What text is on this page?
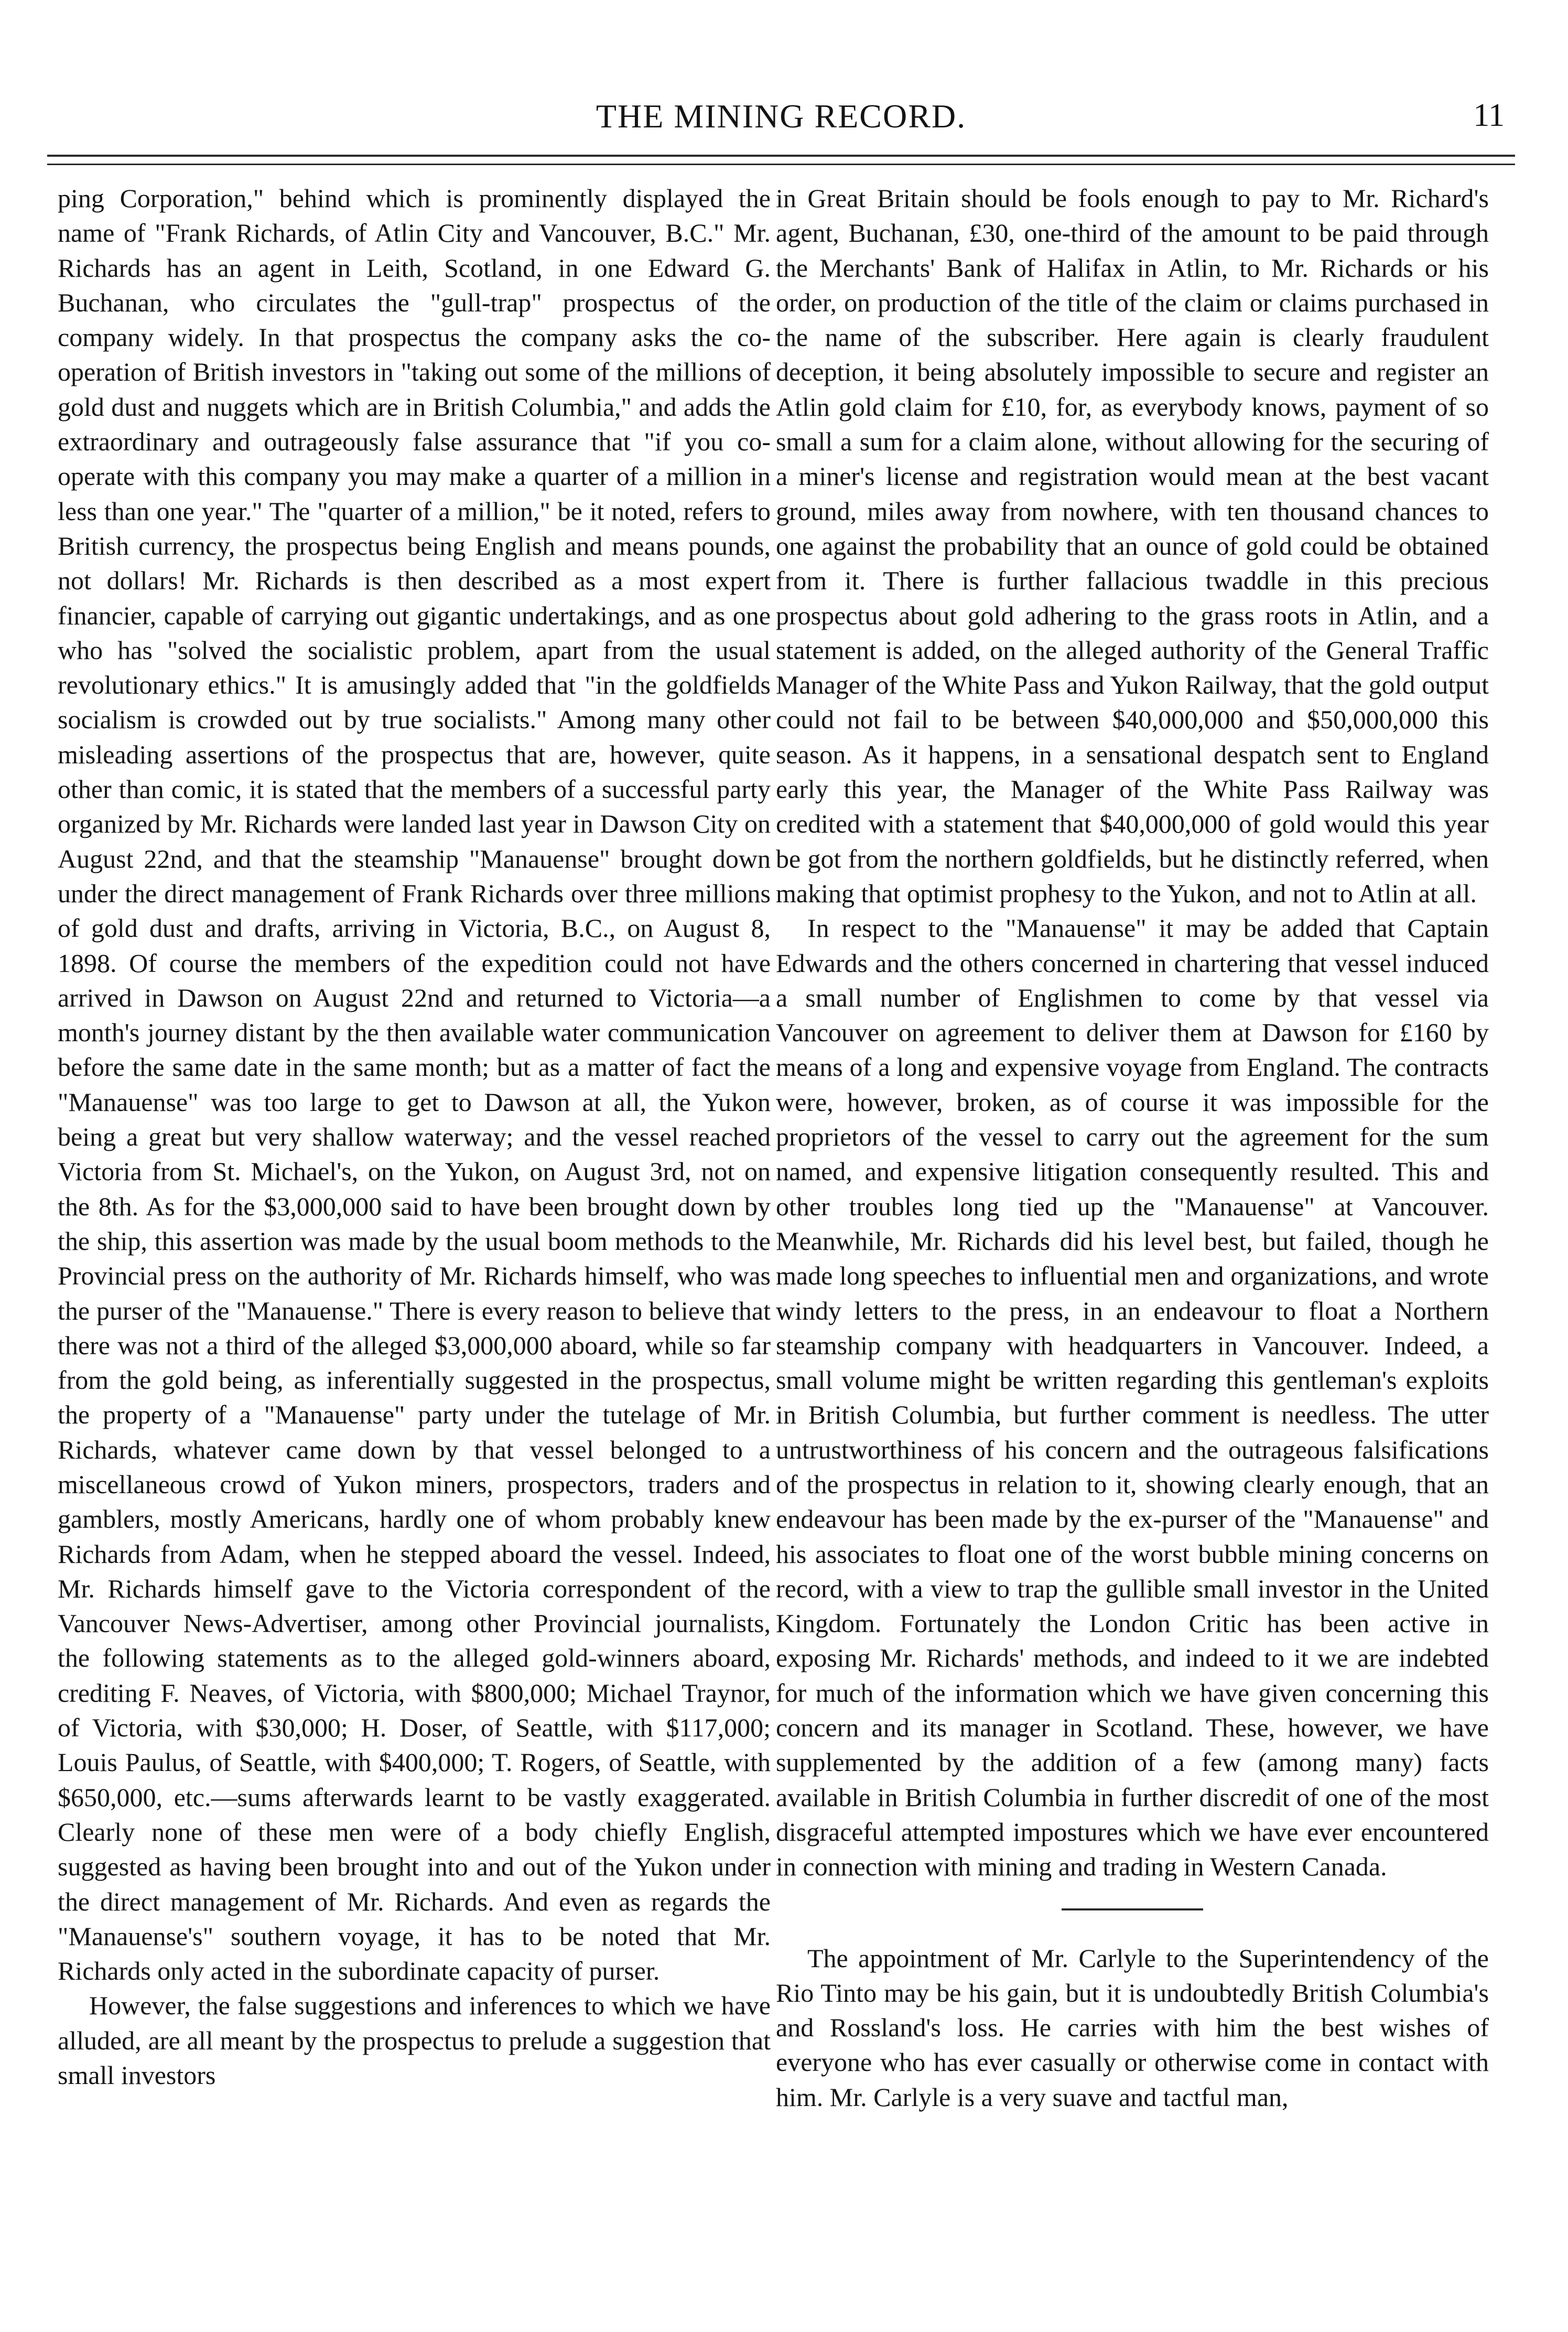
THE MINING RECORD.	11

ping Corporation," behind which is prominently displayed the name of "Frank Richards, of Atlin City and Vancouver, B.C." Mr. Richards has an agent in Leith, Scotland, in one Edward G. Buchanan, who circulates the "gull-trap" prospectus of the company widely. In that prospectus the company asks the co-operation of British investors in "taking out some of the millions of gold dust and nuggets which are in British Columbia," and adds the extraordinary and outrageously false assurance that "if you co-operate with this company you may make a quarter of a million in less than one year." The "quarter of a million," be it noted, refers to British currency, the prospectus being English and means pounds, not dollars! Mr. Richards is then described as a most expert financier, capable of carrying out gigantic undertakings, and as one who has "solved the socialistic problem, apart from the usual revolutionary ethics." It is amusingly added that "in the goldfields socialism is crowded out by true socialists." Among many other misleading assertions of the prospectus that are, however, quite other than comic, it is stated that the members of a successful party organized by Mr. Richards were landed last year in Dawson City on August 22nd, and that the steamship "Manauense" brought down under the direct management of Frank Richards over three millions of gold dust and drafts, arriving in Victoria, B.C., on August 8, 1898. Of course the members of the expedition could not have arrived in Dawson on August 22nd and returned to Victoria—a month's journey distant by the then available water communication before the same date in the same month; but as a matter of fact the "Manauense" was too large to get to Dawson at all, the Yukon being a great but very shallow waterway; and the vessel reached Victoria from St. Michael's, on the Yukon, on August 3rd, not on the 8th. As for the $3,000,000 said to have been brought down by the ship, this assertion was made by the usual boom methods to the Provincial press on the authority of Mr. Richards himself, who was the purser of the "Manauense." There is every reason to believe that there was not a third of the alleged $3,000,000 aboard, while so far from the gold being, as inferentially suggested in the prospectus, the property of a "Manauense" party under the tutelage of Mr. Richards, whatever came down by that vessel belonged to a miscellaneous crowd of Yukon miners, prospectors, traders and gamblers, mostly Americans, hardly one of whom probably knew Richards from Adam, when he stepped aboard the vessel. Indeed, Mr. Richards himself gave to the Victoria correspondent of the Vancouver News-Advertiser, among other Provincial journalists, the following statements as to the alleged gold-winners aboard, crediting F. Neaves, of Victoria, with $800,000; Michael Traynor, of Victoria, with $30,000; H. Doser, of Seattle, with $117,000; Louis Paulus, of Seattle, with $400,000; T. Rogers, of Seattle, with $650,000, etc.—sums afterwards learnt to be vastly exaggerated. Clearly none of these men were of a body chiefly English, suggested as having been brought into and out of the Yukon under the direct management of Mr. Richards. And even as regards the "Manauense's" southern voyage, it has to be noted that Mr. Richards only acted in the subordinate capacity of purser.

However, the false suggestions and inferences to which we have alluded, are all meant by the prospectus to prelude a suggestion that small investors

in Great Britain should be fools enough to pay to Mr. Richard's agent, Buchanan, £30, one-third of the amount to be paid through the Merchants' Bank of Halifax in Atlin, to Mr. Richards or his order, on production of the title of the claim or claims purchased in the name of the subscriber. Here again is clearly fraudulent deception, it being absolutely impossible to secure and register an Atlin gold claim for £10, for, as everybody knows, payment of so small a sum for a claim alone, without allowing for the securing of a miner's license and registration would mean at the best vacant ground, miles away from nowhere, with ten thousand chances to one against the probability that an ounce of gold could be obtained from it. There is further fallacious twaddle in this precious prospectus about gold adhering to the grass roots in Atlin, and a statement is added, on the alleged authority of the General Traffic Manager of the White Pass and Yukon Railway, that the gold output could not fail to be between $40,000,000 and $50,000,000 this season. As it happens, in a sensational despatch sent to England early this year, the Manager of the White Pass Railway was credited with a statement that $40,000,000 of gold would this year be got from the northern goldfields, but he distinctly referred, when making that optimist prophesy to the Yukon, and not to Atlin at all.

In respect to the "Manauense" it may be added that Captain Edwards and the others concerned in chartering that vessel induced a small number of Englishmen to come by that vessel via Vancouver on agreement to deliver them at Dawson for £160 by means of a long and expensive voyage from England. The contracts were, however, broken, as of course it was impossible for the proprietors of the vessel to carry out the agreement for the sum named, and expensive litigation consequently resulted. This and other troubles long tied up the "Manauense" at Vancouver. Meanwhile, Mr. Richards did his level best, but failed, though he made long speeches to influential men and organizations, and wrote windy letters to the press, in an endeavour to float a Northern steamship company with headquarters in Vancouver. Indeed, a small volume might be written regarding this gentleman's exploits in British Columbia, but further comment is needless. The utter untrustworthiness of his concern and the outrageous falsifications of the prospectus in relation to it, showing clearly enough, that an endeavour has been made by the ex-purser of the "Manauense" and his associates to float one of the worst bubble mining concerns on record, with a view to trap the gullible small investor in the United Kingdom. Fortunately the London Critic has been active in exposing Mr. Richards' methods, and indeed to it we are indebted for much of the information which we have given concerning this concern and its manager in Scotland. These, however, we have supplemented by the addition of a few (among many) facts available in British Columbia in further discredit of one of the most disgraceful attempted impostures which we have ever encountered in connection with mining and trading in Western Canada.

The appointment of Mr. Carlyle to the Superintendency of the Rio Tinto may be his gain, but it is undoubtedly British Columbia's and Rossland's loss. He carries with him the best wishes of everyone who has ever casually or otherwise come in contact with him. Mr. Carlyle is a very suave and tactful man,
